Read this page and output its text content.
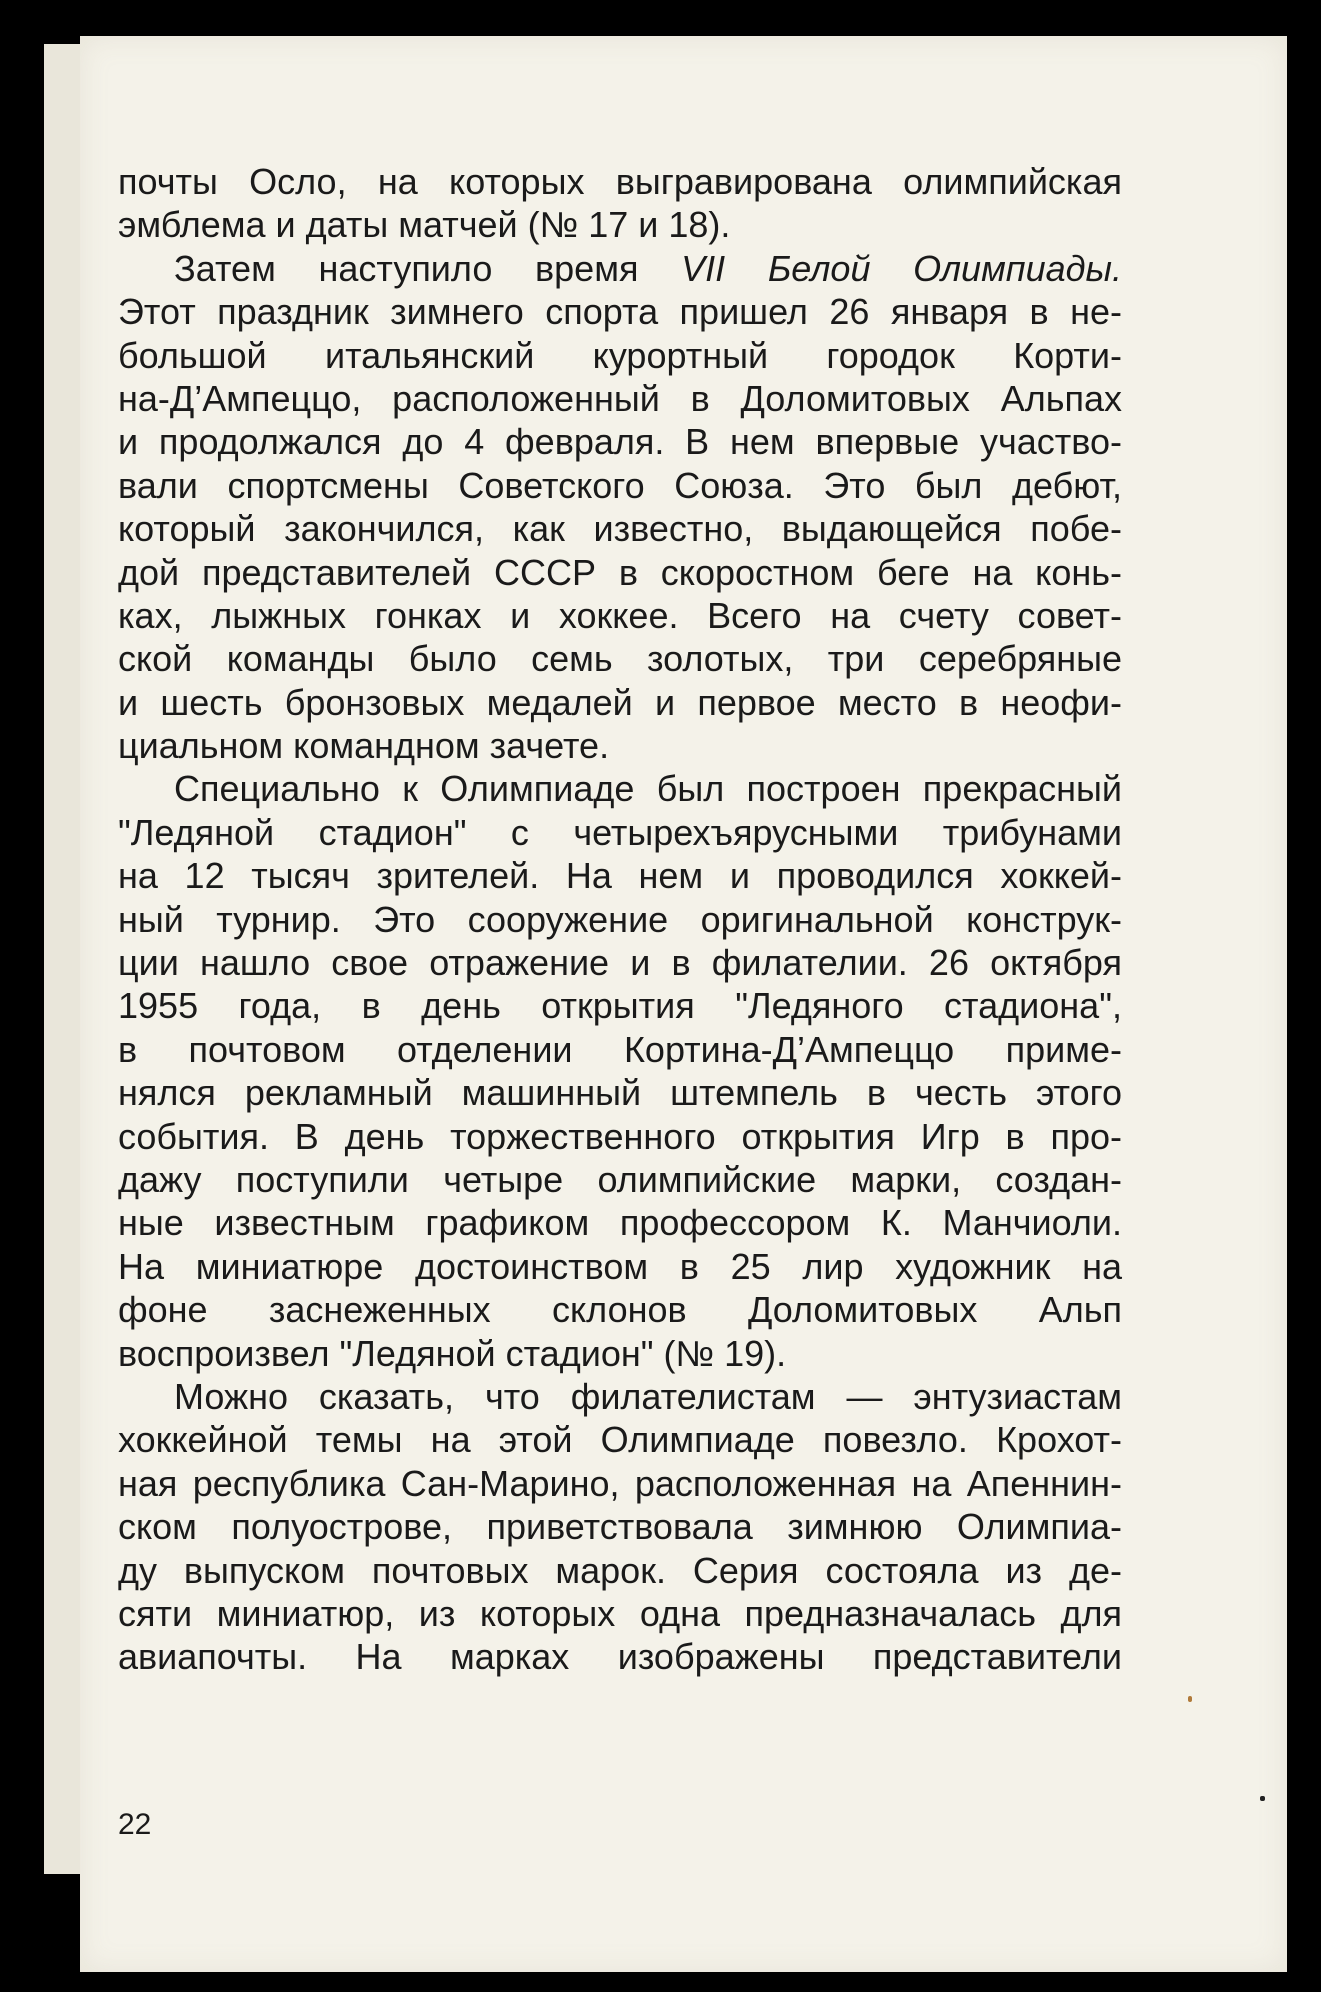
почты Осло, на которых выгравирована олимпийская
эмблема и даты матчей (№ 17 и 18).
Затем наступило время VII Белой Олимпиады.
Этот праздник зимнего спорта пришел 26 января в не-
большой итальянский курортный городок Корти-
на-Д’Ампеццо, расположенный в Доломитовых Альпах
и продолжался до 4 февраля. В нем впервые участво-
вали спортсмены Советского Союза. Это был дебют,
который закончился, как известно, выдающейся побе-
дой представителей СССР в скоростном беге на конь-
ках, лыжных гонках и хоккее. Всего на счету совет-
ской команды было семь золотых, три серебряные
и шесть бронзовых медалей и первое место в неофи-
циальном командном зачете.
Специально к Олимпиаде был построен прекрасный
"Ледяной стадион" с четырехъярусными трибунами
на 12 тысяч зрителей. На нем и проводился хоккей-
ный турнир. Это сооружение оригинальной конструк-
ции нашло свое отражение и в филателии. 26 октября
1955 года, в день открытия "Ледяного стадиона",
в почтовом отделении Кортина-Д’Ампеццо приме-
нялся рекламный машинный штемпель в честь этого
события. В день торжественного открытия Игр в про-
дажу поступили четыре олимпийские марки, создан-
ные известным графиком профессором К. Манчиоли.
На миниатюре достоинством в 25 лир художник на
фоне заснеженных склонов Доломитовых Альп
воспроизвел "Ледяной стадион" (№ 19).
Можно сказать, что филателистам — энтузиастам
хоккейной темы на этой Олимпиаде повезло. Крохот-
ная республика Сан-Марино, расположенная на Апеннин-
ском полуострове, приветствовала зимнюю Олимпиа-
ду выпуском почтовых марок. Серия состояла из де-
сяти миниатюр, из которых одна предназначалась для
авиапочты. На марках изображены представители
22
